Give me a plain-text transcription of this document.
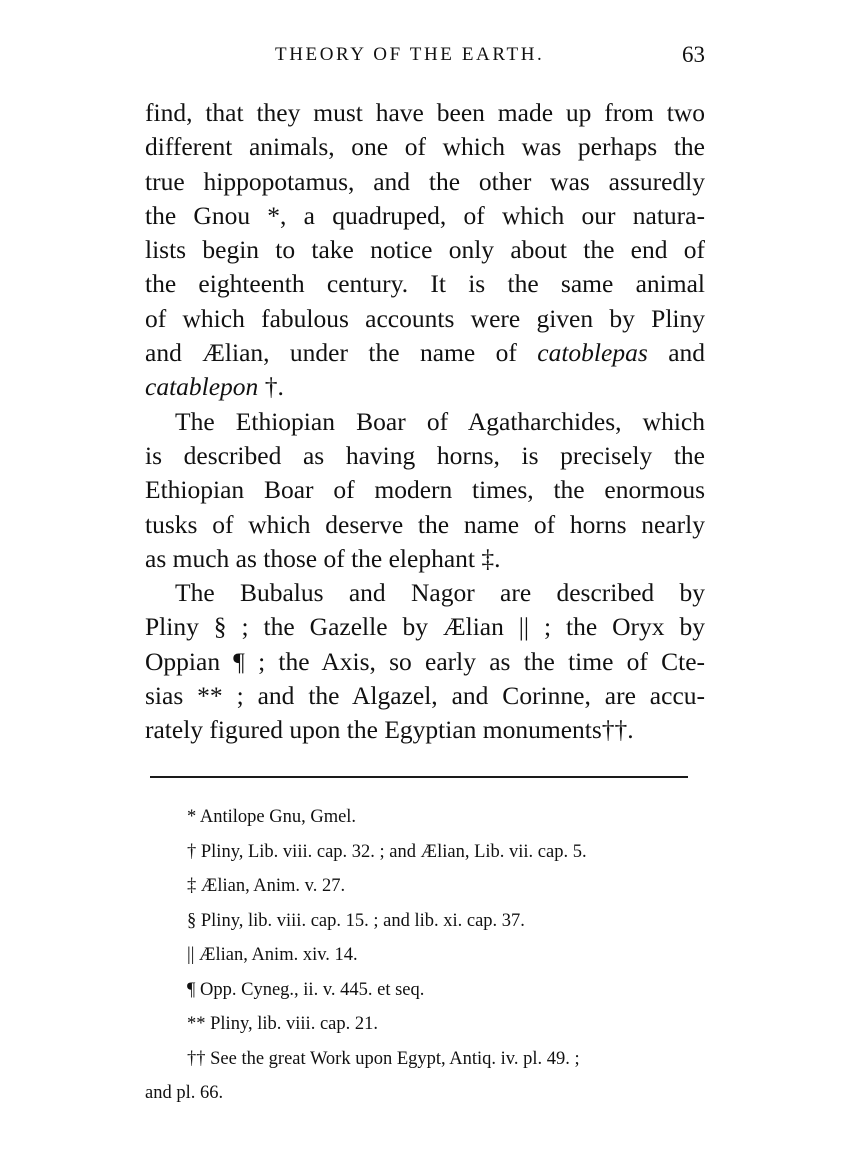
THEORY OF THE EARTH.	63
find, that they must have been made up from two
different animals, one of which was perhaps the
true hippopotamus, and the other was assuredly
the Gnou *, a quadruped, of which our natura-
lists begin to take notice only about the end of
the eighteenth century. It is the same animal
of which fabulous accounts were given by Pliny
and Ælian, under the name of catoblepas and
catablepon †.
The Ethiopian Boar of Agatharchides, which
is described as having horns, is precisely the
Ethiopian Boar of modern times, the enormous
tusks of which deserve the name of horns nearly
as much as those of the elephant ‡.
The Bubalus and Nagor are described by
Pliny § ; the Gazelle by Ælian || ; the Oryx by
Oppian ¶ ; the Axis, so early as the time of Cte-
sias ** ; and the Algazel, and Corinne, are accu-
rately figured upon the Egyptian monuments††.
* Antilope Gnu, Gmel.
† Pliny, Lib. viii. cap. 32. ; and Ælian, Lib. vii. cap. 5.
‡ Ælian, Anim. v. 27.
§ Pliny, lib. viii. cap. 15. ; and lib. xi. cap. 37.
|| Ælian, Anim. xiv. 14.
¶ Opp. Cyneg., ii. v. 445. et seq.
** Pliny, lib. viii. cap. 21.
†† See the great Work upon Egypt, Antiq. iv. pl. 49. ;
and pl. 66.
